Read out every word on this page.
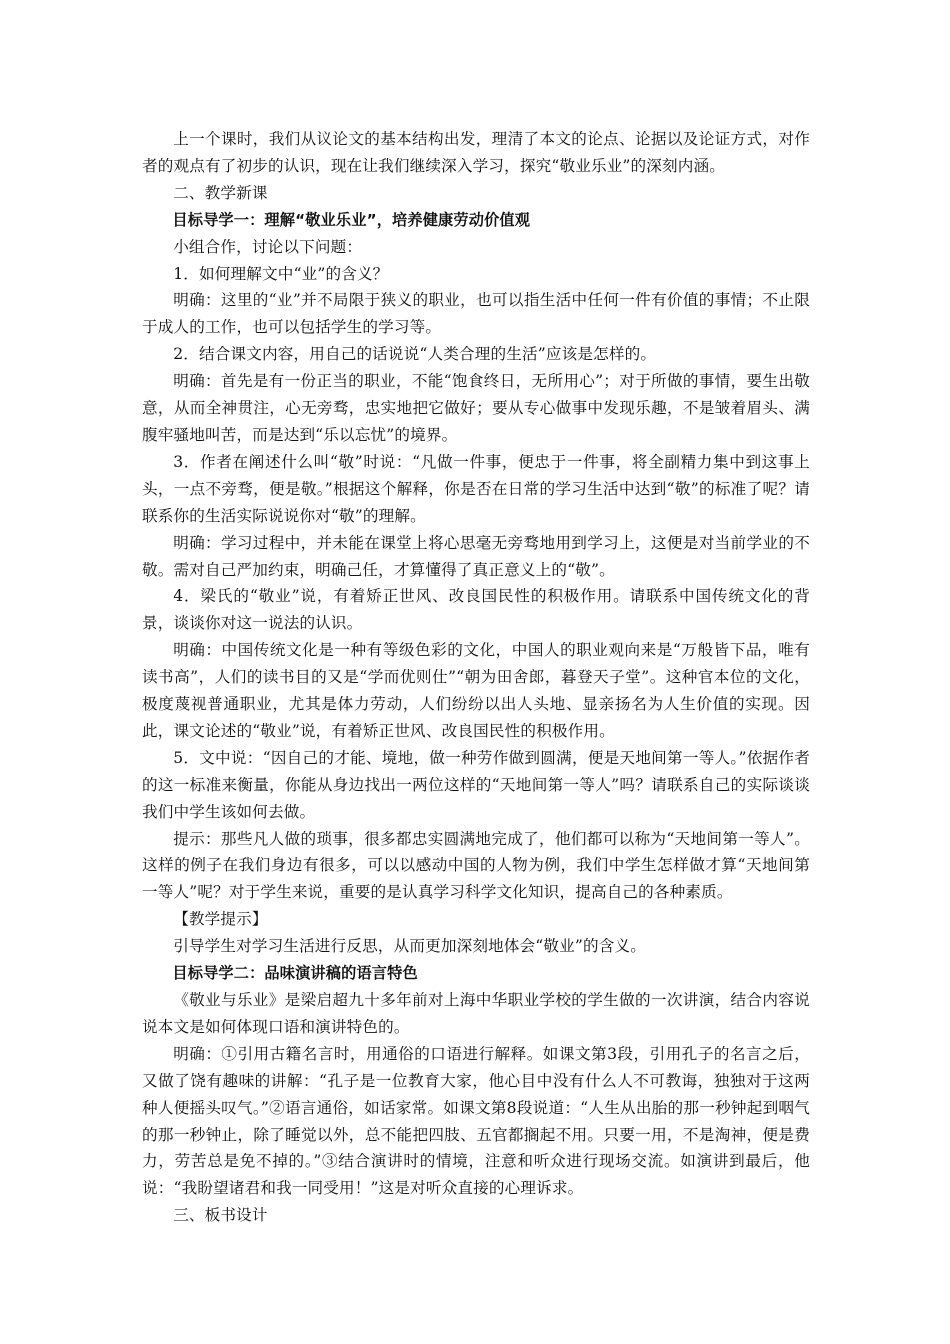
上一个课时，我们从议论文的基本结构出发，理清了本文的论点、论据以及论证方式，对作者的观点有了初步的认识，现在让我们继续深入学习，探究“敬业乐业”的深刻内涵。

二、教学新课

目标导学一：理解“敬业乐业”，培养健康劳动价值观

小组合作，讨论以下问题：

1．如何理解文中“业”的含义？

明确：这里的“业”并不局限于狭义的职业，也可以指生活中任何一件有价值的事情；不止限于成人的工作，也可以包括学生的学习等。

2．结合课文内容，用自己的话说说“人类合理的生活”应该是怎样的。

明确：首先是有一份正当的职业，不能“饱食终日，无所用心”；对于所做的事情，要生出敬意，从而全神贯注，心无旁骛，忠实地把它做好；要从专心做事中发现乐趣，不是皱着眉头、满腹牢骚地叫苦，而是达到“乐以忘忧”的境界。

3．作者在阐述什么叫“敬”时说：“凡做一件事，便忠于一件事，将全副精力集中到这事上头，一点不旁骛，便是敬。”根据这个解释，你是否在日常的学习生活中达到“敬”的标准了呢？请联系你的生活实际说说你对“敬”的理解。

明确：学习过程中，并未能在课堂上将心思毫无旁骛地用到学习上，这便是对当前学业的不敬。需对自己严加约束，明确己任，才算懂得了真正意义上的“敬”。

4．梁氏的“敬业”说，有着矫正世风、改良国民性的积极作用。请联系中国传统文化的背景，谈谈你对这一说法的认识。

明确：中国传统文化是一种有等级色彩的文化，中国人的职业观向来是“万般皆下品，唯有读书高”，人们的读书目的又是“学而优则仕”“朝为田舍郎，暮登天子堂”。这种官本位的文化，极度蔑视普通职业，尤其是体力劳动，人们纷纷以出人头地、显亲扬名为人生价值的实现。因此，课文论述的“敬业”说，有着矫正世风、改良国民性的积极作用。

5．文中说：“因自己的才能、境地，做一种劳作做到圆满，便是天地间第一等人。”依据作者的这一标准来衡量，你能从身边找出一两位这样的“天地间第一等人”吗？请联系自己的实际谈谈我们中学生该如何去做。

提示：那些凡人做的琐事，很多都忠实圆满地完成了，他们都可以称为“天地间第一等人”。这样的例子在我们身边有很多，可以以感动中国的人物为例，我们中学生怎样做才算“天地间第一等人”呢？对于学生来说，重要的是认真学习科学文化知识，提高自己的各种素质。

【教学提示】

引导学生对学习生活进行反思，从而更加深刻地体会“敬业”的含义。

目标导学二：品味演讲稿的语言特色

《敬业与乐业》是梁启超九十多年前对上海中华职业学校的学生做的一次讲演，结合内容说说本文是如何体现口语和演讲特色的。

明确：①引用古籍名言时，用通俗的口语进行解释。如课文第3段，引用孔子的名言之后，又做了饶有趣味的讲解：“孔子是一位教育大家，他心目中没有什么人不可教诲，独独对于这两种人便摇头叹气。”②语言通俗，如话家常。如课文第8段说道：“人生从出胎的那一秒钟起到咽气的那一秒钟止，除了睡觉以外，总不能把四肢、五官都搁起不用。只要一用，不是淘神，便是费力，劳苦总是免不掉的。”③结合演讲时的情境，注意和听众进行现场交流。如演讲到最后，他说：“我盼望诸君和我一同受用！”这是对听众直接的心理诉求。

三、板书设计
